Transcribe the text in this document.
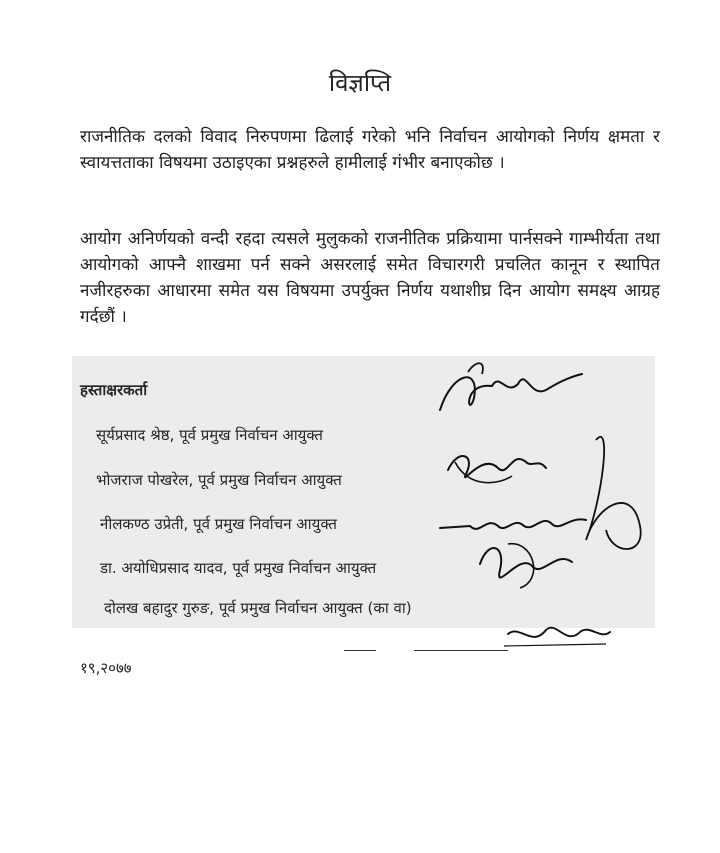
विज्ञप्ति
राजनीतिक दलको विवाद निरुपणमा ढिलाई गरेको भनि निर्वाचन आयोगको निर्णय क्षमता र स्वायत्तताका विषयमा उठाइएका प्रश्नहरुले हामीलाई गंभीर बनाएकोछ ।
आयोग अनिर्णयको वन्दी रहदा त्यसले मुलुकको राजनीतिक प्रक्रियामा पार्नसक्ने गाम्भीर्यता तथा आयोगको आफ्नै शाखमा पर्न सक्ने असरलाई समेत विचारगरी प्रचलित कानून र स्थापित नजीरहरुका आधारमा समेत यस विषयमा उपर्युक्त निर्णय यथाशीघ्र दिन आयोग समक्ष्य आग्रह गर्दछौं ।
हस्ताक्षरकर्ता
सूर्यप्रसाद श्रेष्ठ, पूर्व प्रमुख निर्वाचन आयुक्त
भोजराज पोखरेल, पूर्व प्रमुख निर्वाचन आयुक्त
नीलकण्ठ उप्रेती, पूर्व प्रमुख निर्वाचन आयुक्त
डा. अयोधिप्रसाद यादव, पूर्व प्रमुख निर्वाचन आयुक्त
दोलख बहादुर गुरुङ, पूर्व प्रमुख निर्वाचन आयुक्त (का वा)
१९,२०७७
